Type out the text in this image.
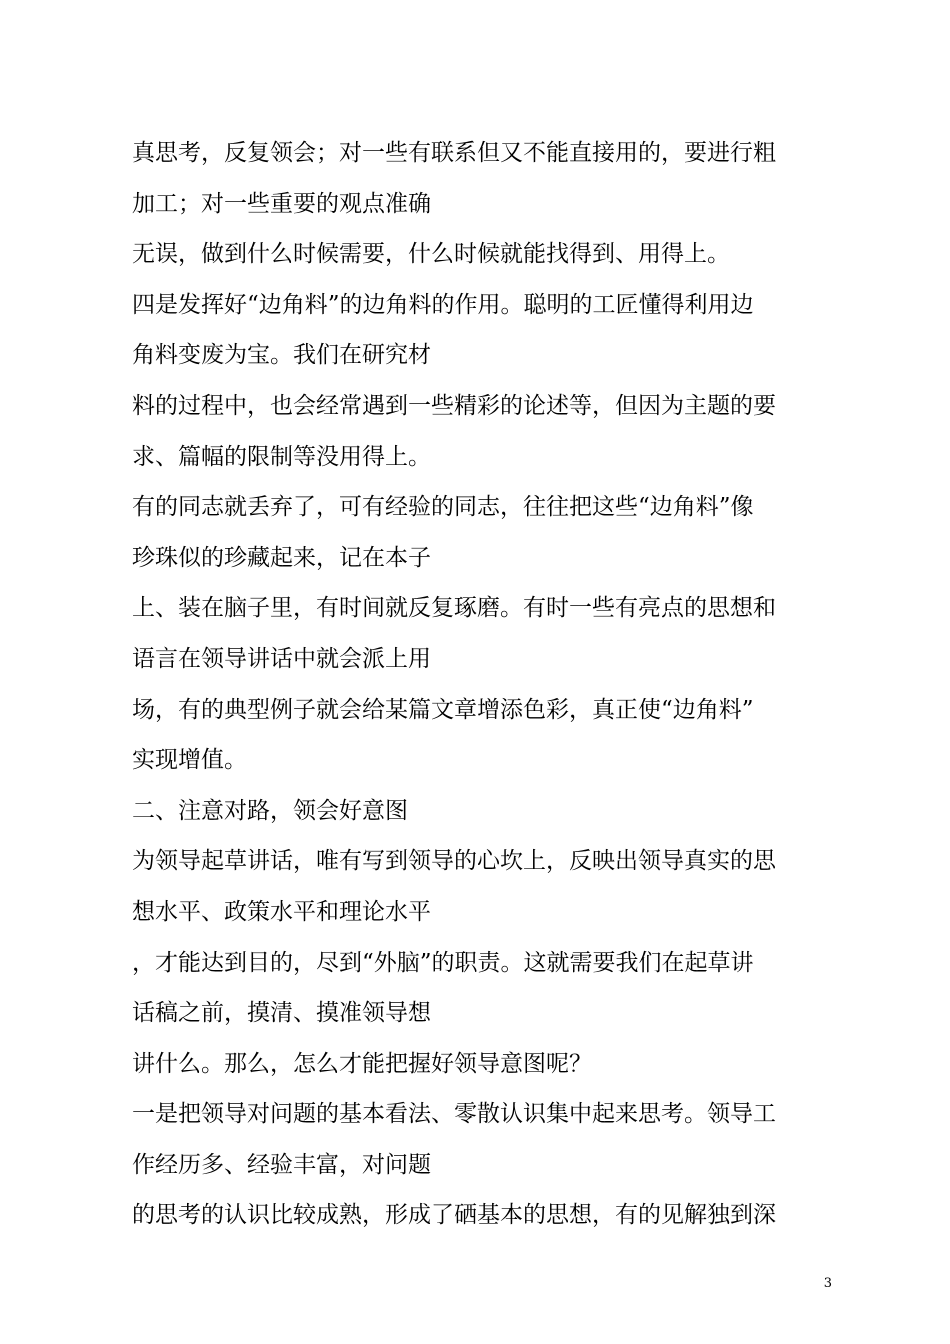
真思考，反复领会；对一些有联系但又不能直接用的，要进行粗
加工；对一些重要的观点准确
无误，做到什么时候需要，什么时候就能找得到、用得上。
四是发挥好“边角料”的边角料的作用。聪明的工匠懂得利用边
角料变废为宝。我们在研究材
料的过程中，也会经常遇到一些精彩的论述等，但因为主题的要
求、篇幅的限制等没用得上。
有的同志就丢弃了，可有经验的同志，往往把这些“边角料”像
珍珠似的珍藏起来，记在本子
上、装在脑子里，有时间就反复琢磨。有时一些有亮点的思想和
语言在领导讲话中就会派上用
场，有的典型例子就会给某篇文章增添色彩，真正使“边角料”
实现增值。
二、注意对路，领会好意图
为领导起草讲话，唯有写到领导的心坎上，反映出领导真实的思
想水平、政策水平和理论水平
，才能达到目的，尽到“外脑”的职责。这就需要我们在起草讲
话稿之前，摸清、摸准领导想
讲什么。那么，怎么才能把握好领导意图呢？
一是把领导对问题的基本看法、零散认识集中起来思考。领导工
作经历多、经验丰富，对问题
的思考的认识比较成熟，形成了硒基本的思想，有的见解独到深
3
